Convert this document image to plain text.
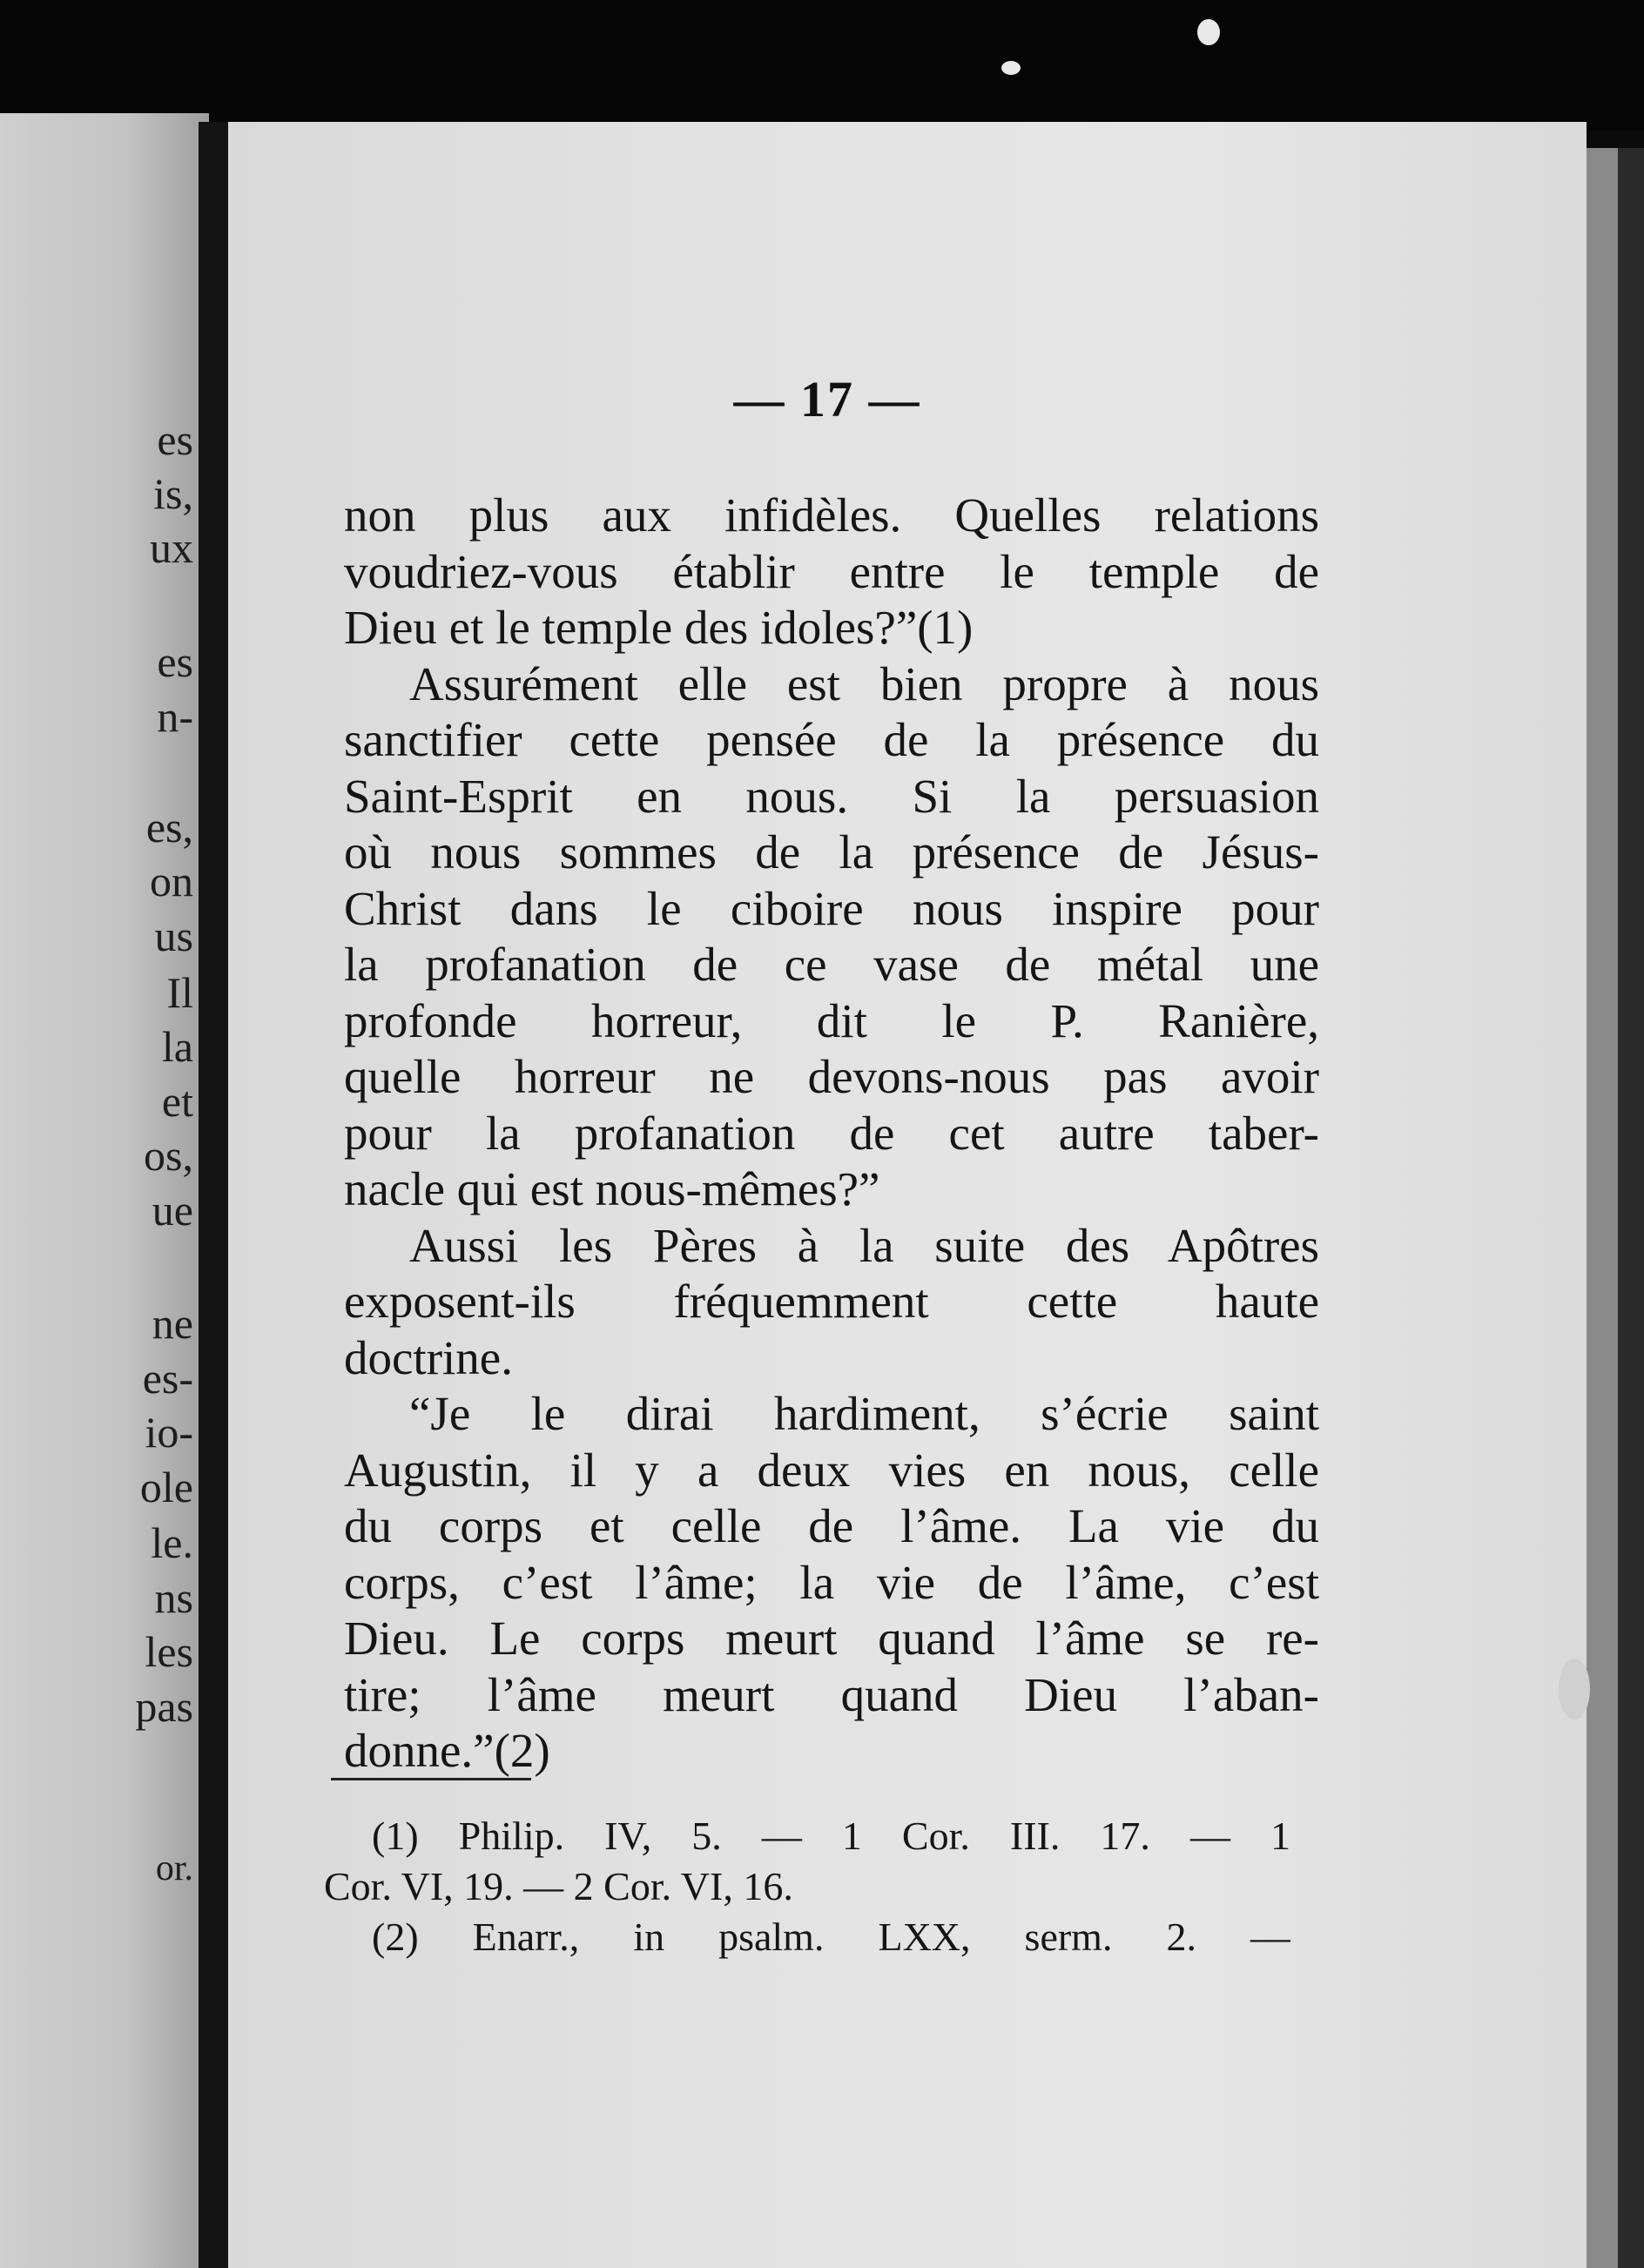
es
is,
ux
es
n-
es,
on
us
Il
la
et
os,
ue
ne
es-
io-
ole
le.
ns
les
pas
or.
— 17 —
non plus aux infidèles. Quelles relations
voudriez-vous établir entre le temple de
Dieu et le temple des idoles?”(1)
Assurément elle est bien propre à nous
sanctifier cette pensée de la présence du
Saint-Esprit en nous. Si la persuasion
où nous sommes de la présence de Jésus-
Christ dans le ciboire nous inspire pour
la profanation de ce vase de métal une
profonde horreur, dit le P. Ranière,
quelle horreur ne devons-nous pas avoir
pour la profanation de cet autre taber-
nacle qui est nous-mêmes?”
Aussi les Pères à la suite des Apôtres
exposent-ils fréquemment cette haute
doctrine.
“Je le dirai hardiment, s’écrie saint
Augustin, il y a deux vies en nous, celle
du corps et celle de l’âme. La vie du
corps, c’est l’âme; la vie de l’âme, c’est
Dieu. Le corps meurt quand l’âme se re-
tire; l’âme meurt quand Dieu l’aban-
donne.”(2)
(1) Philip. IV, 5. — 1 Cor. III. 17. — 1
Cor. VI, 19. — 2 Cor. VI, 16.
(2) Enarr., in psalm. LXX, serm. 2. —
